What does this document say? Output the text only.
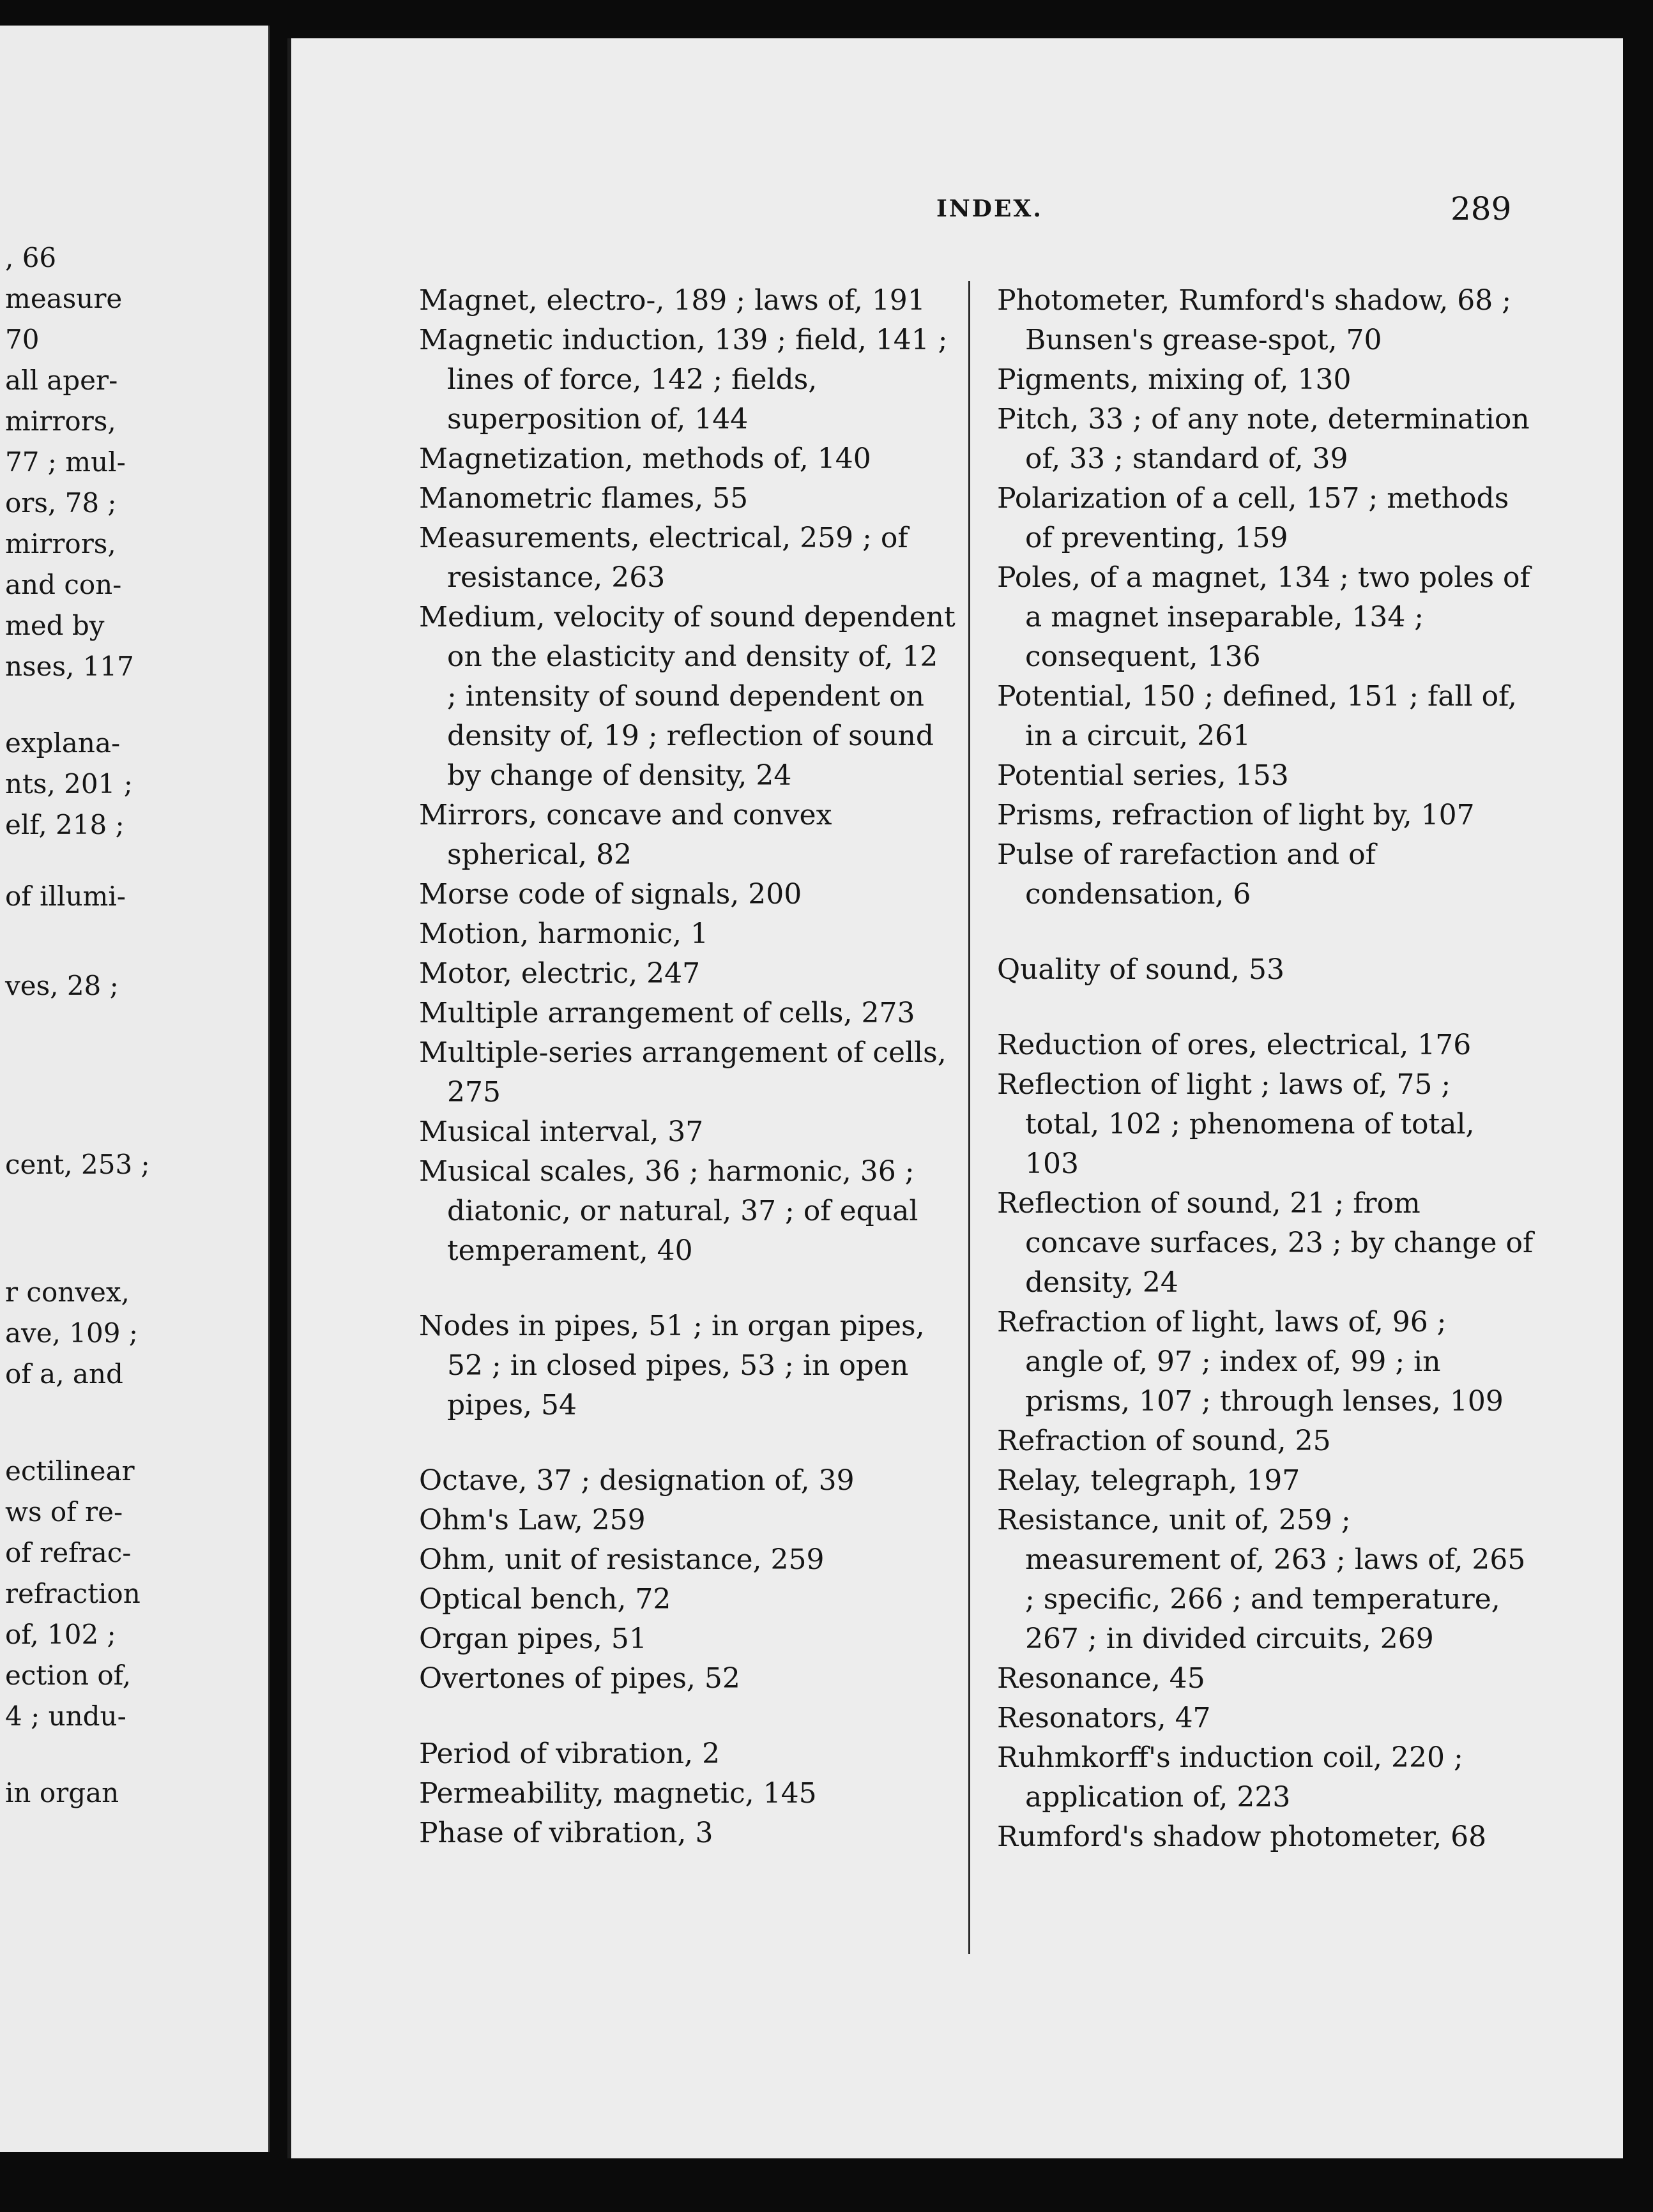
, 66

measure

70

all aper-

mirrors,

77 ; mul-

ors, 78 ;

mirrors,

and con-

med by

nses, 117

explana-

nts, 201 ;

elf, 218 ;

of illumi-

ves, 28 ;

cent, 253 ;

r convex,

ave, 109 ;

of a, and

ectilinear

ws of re-

of refrac-

refraction

of, 102 ;

ection of,

4 ; undu-

in organ

INDEX.	289

Magnet, electro-, 189 ; laws of, 191

Magnetic induction, 139 ; field, 141 ; lines of force, 142 ; fields, superposition of, 144

Magnetization, methods of, 140

Manometric flames, 55

Measurements, electrical, 259 ; of resistance, 263

Medium, velocity of sound dependent on the elasticity and density of, 12 ; intensity of sound dependent on density of, 19 ; reflection of sound by change of density, 24

Mirrors, concave and convex spherical, 82

Morse code of signals, 200

Motion, harmonic, 1

Motor, electric, 247

Multiple arrangement of cells, 273

Multiple-series arrangement of cells, 275

Musical interval, 37

Musical scales, 36 ; harmonic, 36 ; diatonic, or natural, 37 ; of equal temperament, 40

Nodes in pipes, 51 ; in organ pipes, 52 ; in closed pipes, 53 ; in open pipes, 54

Octave, 37 ; designation of, 39

Ohm's Law, 259

Ohm, unit of resistance, 259

Optical bench, 72

Organ pipes, 51

Overtones of pipes, 52

Period of vibration, 2

Permeability, magnetic, 145

Phase of vibration, 3

Photometer, Rumford's shadow, 68 ; Bunsen's grease-spot, 70

Pigments, mixing of, 130

Pitch, 33 ; of any note, determination of, 33 ; standard of, 39

Polarization of a cell, 157 ; methods of preventing, 159

Poles, of a magnet, 134 ; two poles of a magnet inseparable, 134 ; consequent, 136

Potential, 150 ; defined, 151 ; fall of, in a circuit, 261

Potential series, 153

Prisms, refraction of light by, 107

Pulse of rarefaction and of condensation, 6

Quality of sound, 53

Reduction of ores, electrical, 176

Reflection of light ; laws of, 75 ; total, 102 ; phenomena of total, 103

Reflection of sound, 21 ; from concave surfaces, 23 ; by change of density, 24

Refraction of light, laws of, 96 ; angle of, 97 ; index of, 99 ; in prisms, 107 ; through lenses, 109

Refraction of sound, 25

Relay, telegraph, 197

Resistance, unit of, 259 ; measurement of, 263 ; laws of, 265 ; specific, 266 ; and temperature, 267 ; in divided circuits, 269

Resonance, 45

Resonators, 47

Ruhmkorff's induction coil, 220 ; application of, 223

Rumford's shadow photometer, 68
